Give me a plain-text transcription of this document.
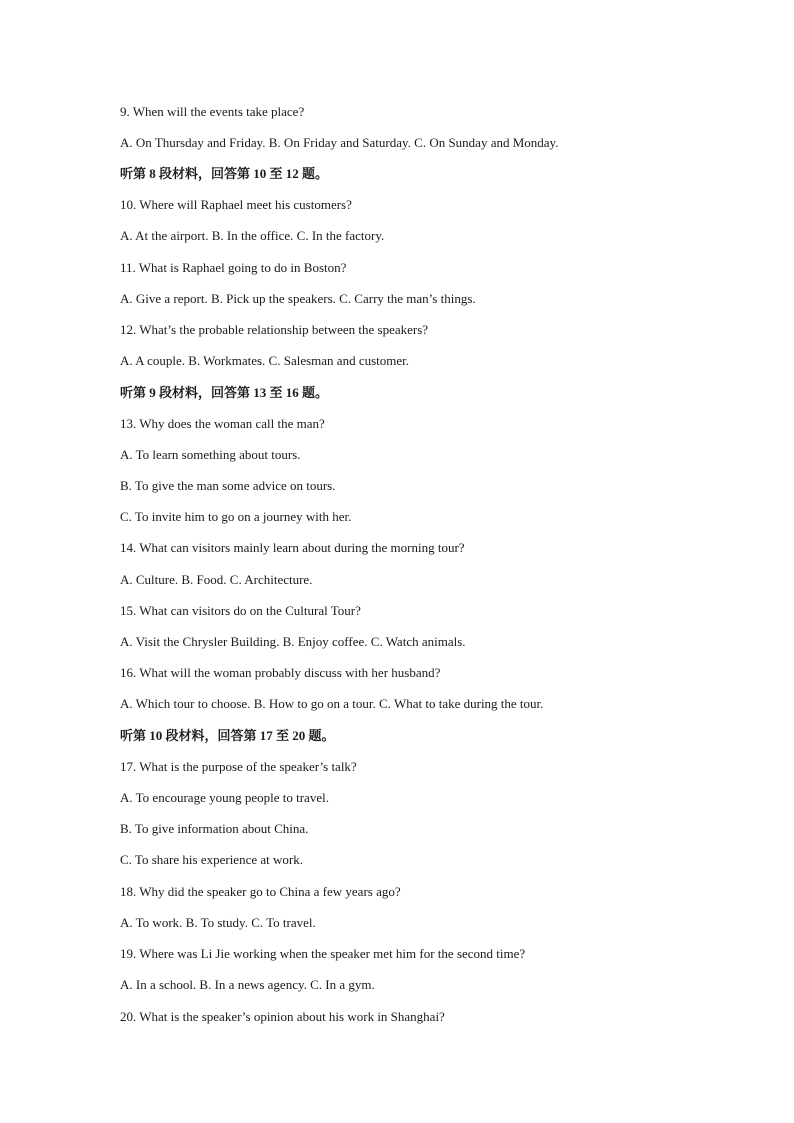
9. When will the events take place?
A. On Thursday and Friday. B. On Friday and Saturday. C. On Sunday and Monday.
听第 8 段材料，回答第 10 至 12 题。
10. Where will Raphael meet his customers?
A. At the airport. B. In the office. C. In the factory.
11. What is Raphael going to do in Boston?
A. Give a report. B. Pick up the speakers. C. Carry the man’s things.
12. What’s the probable relationship between the speakers?
A. A couple. B. Workmates. C. Salesman and customer.
听第 9 段材料，回答第 13 至 16 题。
13. Why does the woman call the man?
A. To learn something about tours.
B. To give the man some advice on tours.
C. To invite him to go on a journey with her.
14. What can visitors mainly learn about during the morning tour?
A. Culture. B. Food. C. Architecture.
15. What can visitors do on the Cultural Tour?
A. Visit the Chrysler Building. B. Enjoy coffee. C. Watch animals.
16. What will the woman probably discuss with her husband?
A. Which tour to choose. B. How to go on a tour. C. What to take during the tour.
听第 10 段材料，回答第 17 至 20 题。
17. What is the purpose of the speaker’s talk?
A. To encourage young people to travel.
B. To give information about China.
C. To share his experience at work.
18. Why did the speaker go to China a few years ago?
A. To work. B. To study. C. To travel.
19. Where was Li Jie working when the speaker met him for the second time?
A. In a school. B. In a news agency. C. In a gym.
20. What is the speaker’s opinion about his work in Shanghai?
